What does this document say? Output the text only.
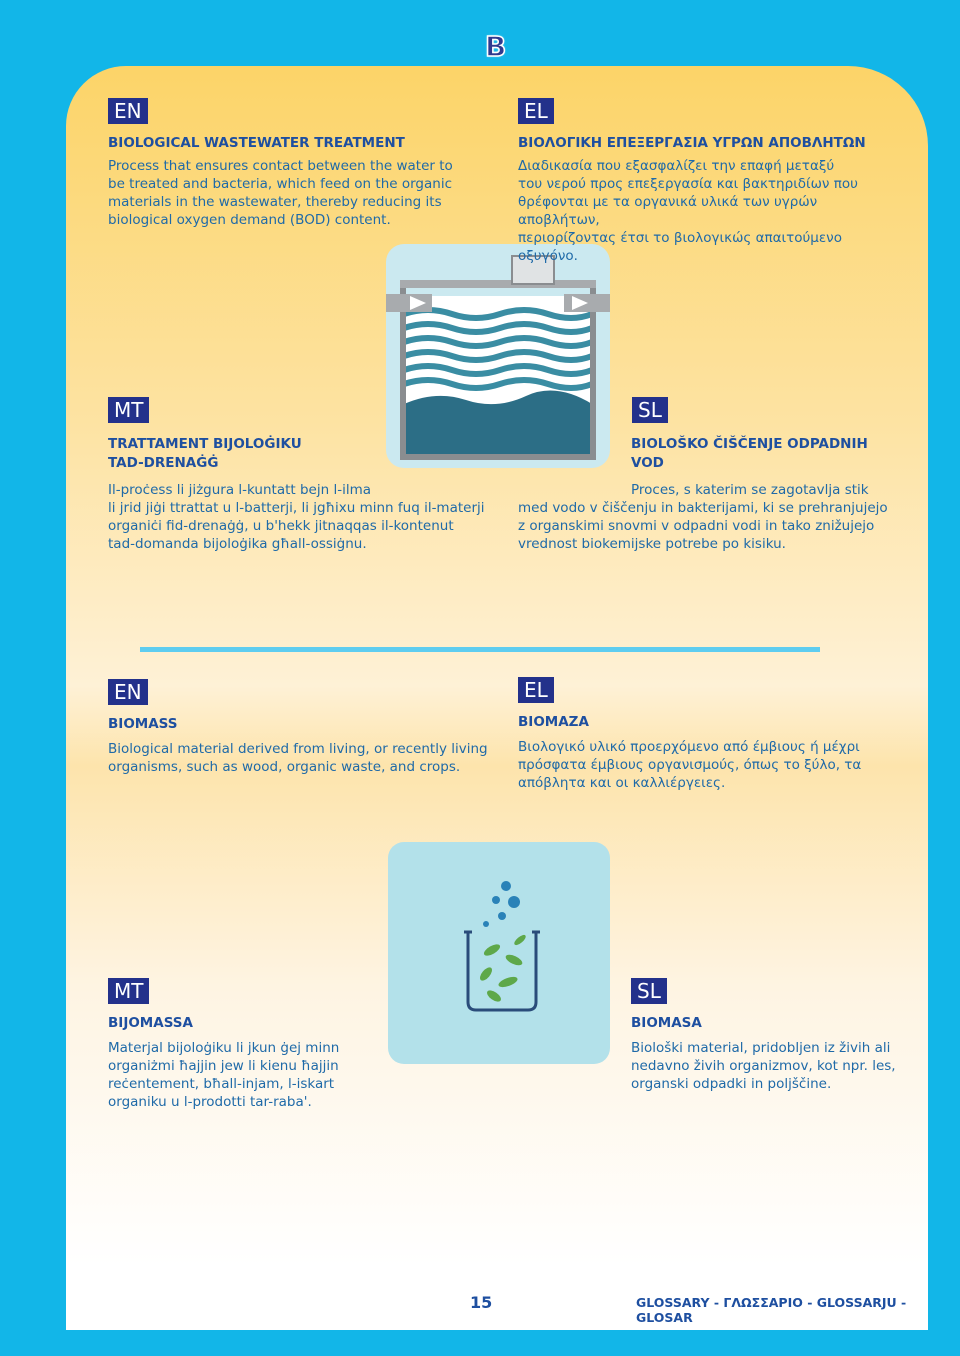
B
EN
BIOLOGICAL WASTEWATER TREATMENT
Process that ensures contact between the water to
be treated and bacteria, which feed on the organic
materials in the wastewater, thereby reducing its
biological oxygen demand (BOD) content.
EL
ΒΙΟΛΟΓΙΚΗ ΕΠΕΞΕΡΓΑΣΙΑ ΥΓΡΩΝ ΑΠΟΒΛΗΤΩΝ
Διαδικασία που εξασφαλίζει την επαφή μεταξύ
του νερού προς επεξεργασία και βακτηριδίων που
θρέφονται με τα οργανικά υλικά των υγρών αποβλήτων,
περιορίζοντας έτσι το βιολογικώς απαιτούμενο οξυγόνο.
MT
TRATTAMENT BIJOLOĠIKU
TAD-DRENAĠĠ
Il-proċess li jiżgura l-kuntatt bejn l-ilma
li jrid jiġi ttrattat u l-batterji, li jgħixu minn fuq il-materji
organiċi fid-drenaġġ, u b'hekk jitnaqqas il-kontenut
tad-domanda bijoloġika għall-ossiġnu.
SL
BIOLOŠKO ČIŠČENJE ODPADNIH
VOD
Proces, s katerim se zagotavlja stik
med vodo v čiščenju in bakterijami, ki se prehranjujejo
z organskimi snovmi v odpadni vodi in tako znižujejo
vrednost biokemijske potrebe po kisiku.
EN
BIOMASS
Biological material derived from living, or recently living
organisms, such as wood, organic waste, and crops.
EL
BIOMAZA
Βιολογικό υλικό προερχόμενο από έμβιους ή μέχρι
πρόσφατα έμβιους οργανισμούς, όπως το ξύλο, τα
απόβλητα και οι καλλιέργειες.
MT
BIJOMASSA
Materjal bijoloġiku li jkun ġej minn
organiżmi ħajjin jew li kienu ħajjin
reċentement, bħall-injam, l-iskart
organiku u l-prodotti tar-raba'.
SL
BIOMASA
Biološki material, pridobljen iz živih ali
nedavno živih organizmov, kot npr. les,
organski odpadki in poljščine.
15	GLOSSARY - ΓΛΩΣΣΑΡΙΟ - GLOSSARJU - GLOSAR
